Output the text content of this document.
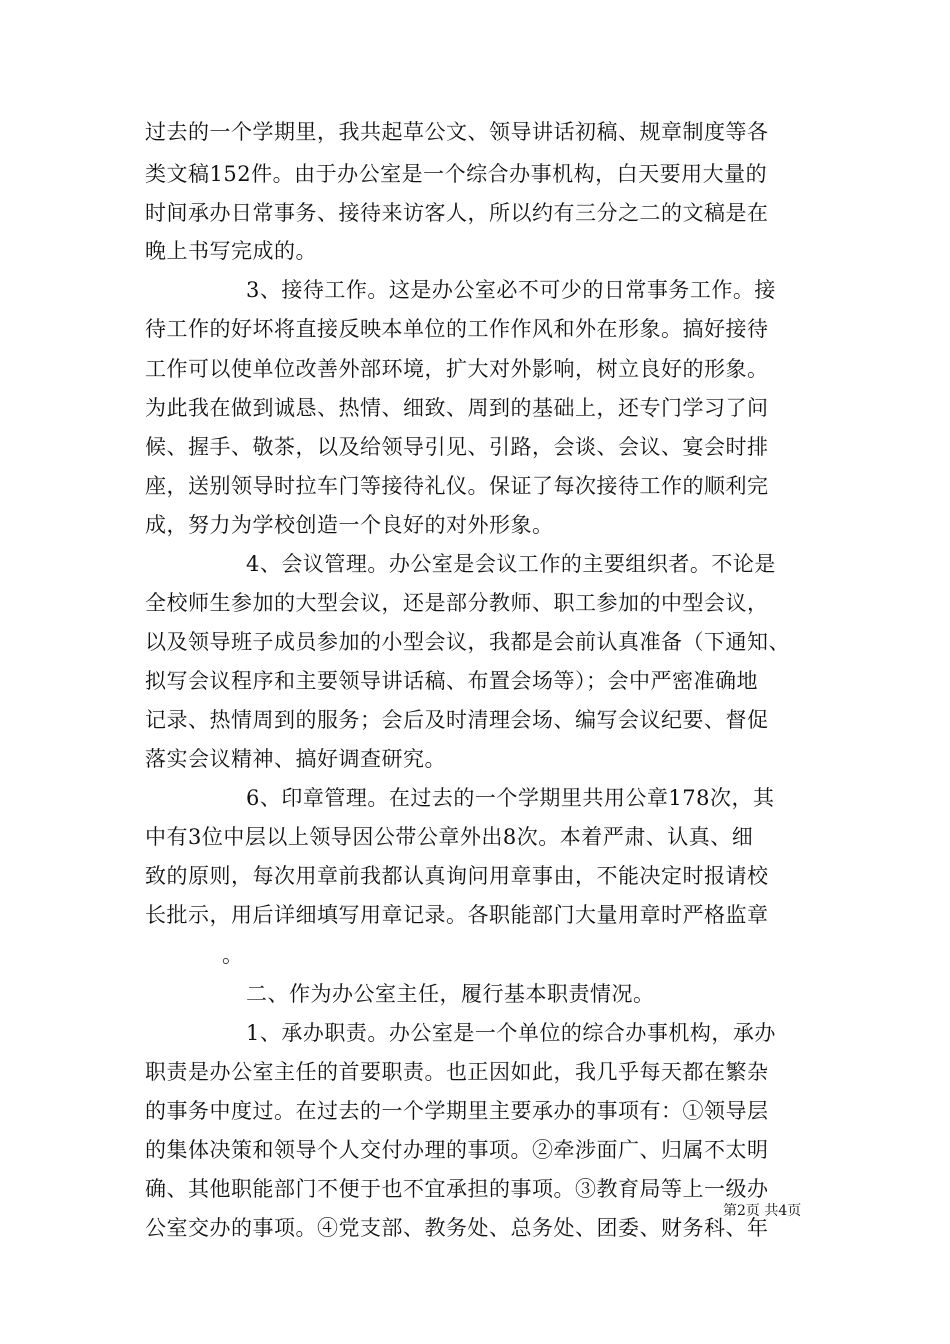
过去的一个学期里，我共起草公文、领导讲话初稿、规章制度等各
类文稿152件。由于办公室是一个综合办事机构，白天要用大量的
时间承办日常事务、接待来访客人，所以约有三分之二的文稿是在
晚上书写完成的。
3、接待工作。这是办公室必不可少的日常事务工作。接
待工作的好坏将直接反映本单位的工作作风和外在形象。搞好接待
工作可以使单位改善外部环境，扩大对外影响，树立良好的形象。
为此我在做到诚恳、热情、细致、周到的基础上，还专门学习了问
候、握手、敬茶，以及给领导引见、引路，会谈、会议、宴会时排
座，送别领导时拉车门等接待礼仪。保证了每次接待工作的顺利完
成，努力为学校创造一个良好的对外形象。
4、会议管理。办公室是会议工作的主要组织者。不论是
全校师生参加的大型会议，还是部分教师、职工参加的中型会议，
以及领导班子成员参加的小型会议，我都是会前认真准备（下通知、
拟写会议程序和主要领导讲话稿、布置会场等）；会中严密准确地
记录、热情周到的服务；会后及时清理会场、编写会议纪要、督促
落实会议精神、搞好调查研究。
6、印章管理。在过去的一个学期里共用公章178次，其
中有3位中层以上领导因公带公章外出8次。本着严肃、认真、细
致的原则，每次用章前我都认真询问用章事由，不能决定时报请校
长批示，用后详细填写用章记录。各职能部门大量用章时严格监章
。
二、作为办公室主任，履行基本职责情况。
1、承办职责。办公室是一个单位的综合办事机构，承办
职责是办公室主任的首要职责。也正因如此，我几乎每天都在繁杂
的事务中度过。在过去的一个学期里主要承办的事项有：①领导层
的集体决策和领导个人交付办理的事项。②牵涉面广、归属不太明
确、其他职能部门不便于也不宜承担的事项。③教育局等上一级办
公室交办的事项。④党支部、教务处、总务处、团委、财务科、年
第2页 共4页
